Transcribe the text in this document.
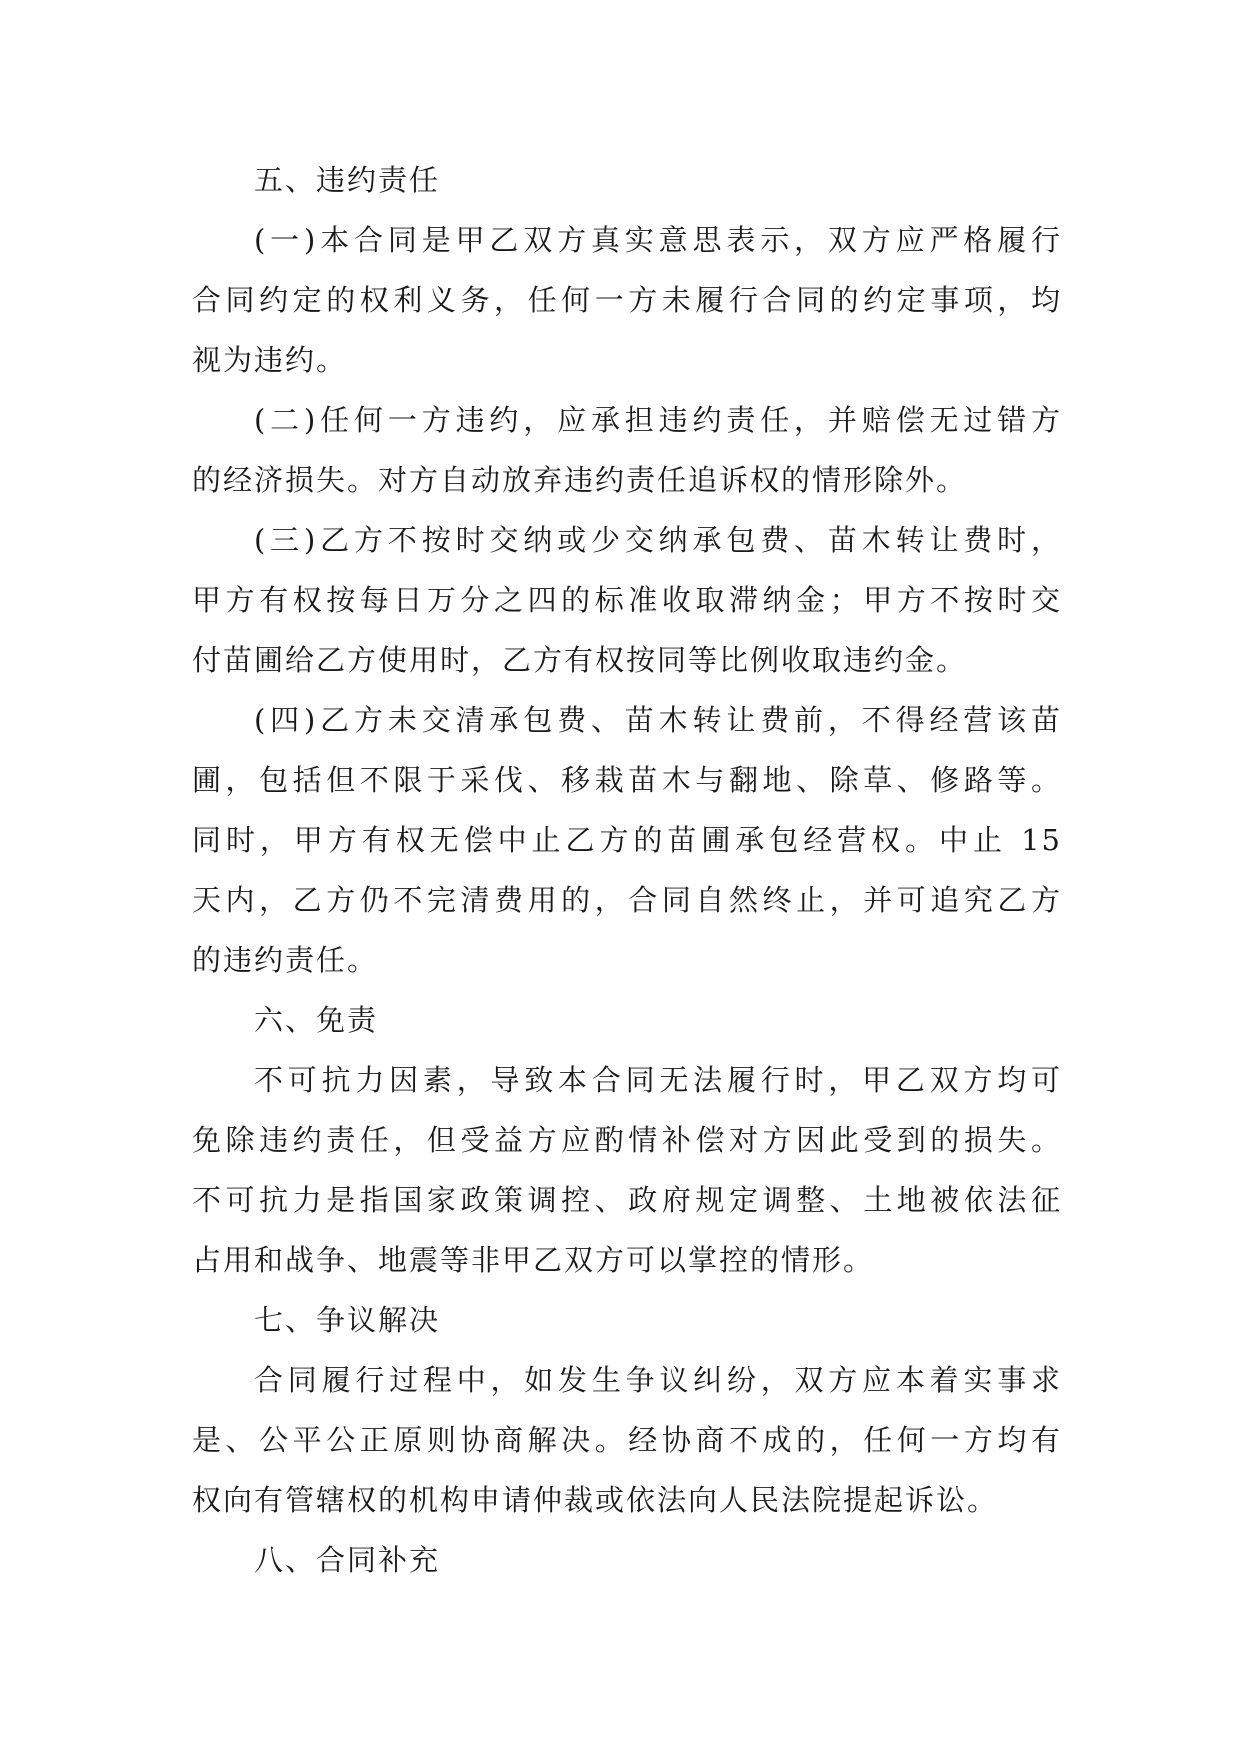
五、违约责任
(一)本合同是甲乙双方真实意思表示，双方应严格履行
合同约定的权利义务，任何一方未履行合同的约定事项，均
视为违约。
(二)任何一方违约，应承担违约责任，并赔偿无过错方
的经济损失。对方自动放弃违约责任追诉权的情形除外。
(三)乙方不按时交纳或少交纳承包费、苗木转让费时，
甲方有权按每日万分之四的标准收取滞纳金；甲方不按时交
付苗圃给乙方使用时，乙方有权按同等比例收取违约金。
(四)乙方未交清承包费、苗木转让费前，不得经营该苗
圃，包括但不限于采伐、移栽苗木与翻地、除草、修路等。
同时，甲方有权无偿中止乙方的苗圃承包经营权。中止 15
天内，乙方仍不完清费用的，合同自然终止，并可追究乙方
的违约责任。
六、免责
不可抗力因素，导致本合同无法履行时，甲乙双方均可
免除违约责任，但受益方应酌情补偿对方因此受到的损失。
不可抗力是指国家政策调控、政府规定调整、土地被依法征
占用和战争、地震等非甲乙双方可以掌控的情形。
七、争议解决
合同履行过程中，如发生争议纠纷，双方应本着实事求
是、公平公正原则协商解决。经协商不成的，任何一方均有
权向有管辖权的机构申请仲裁或依法向人民法院提起诉讼。
八、合同补充
